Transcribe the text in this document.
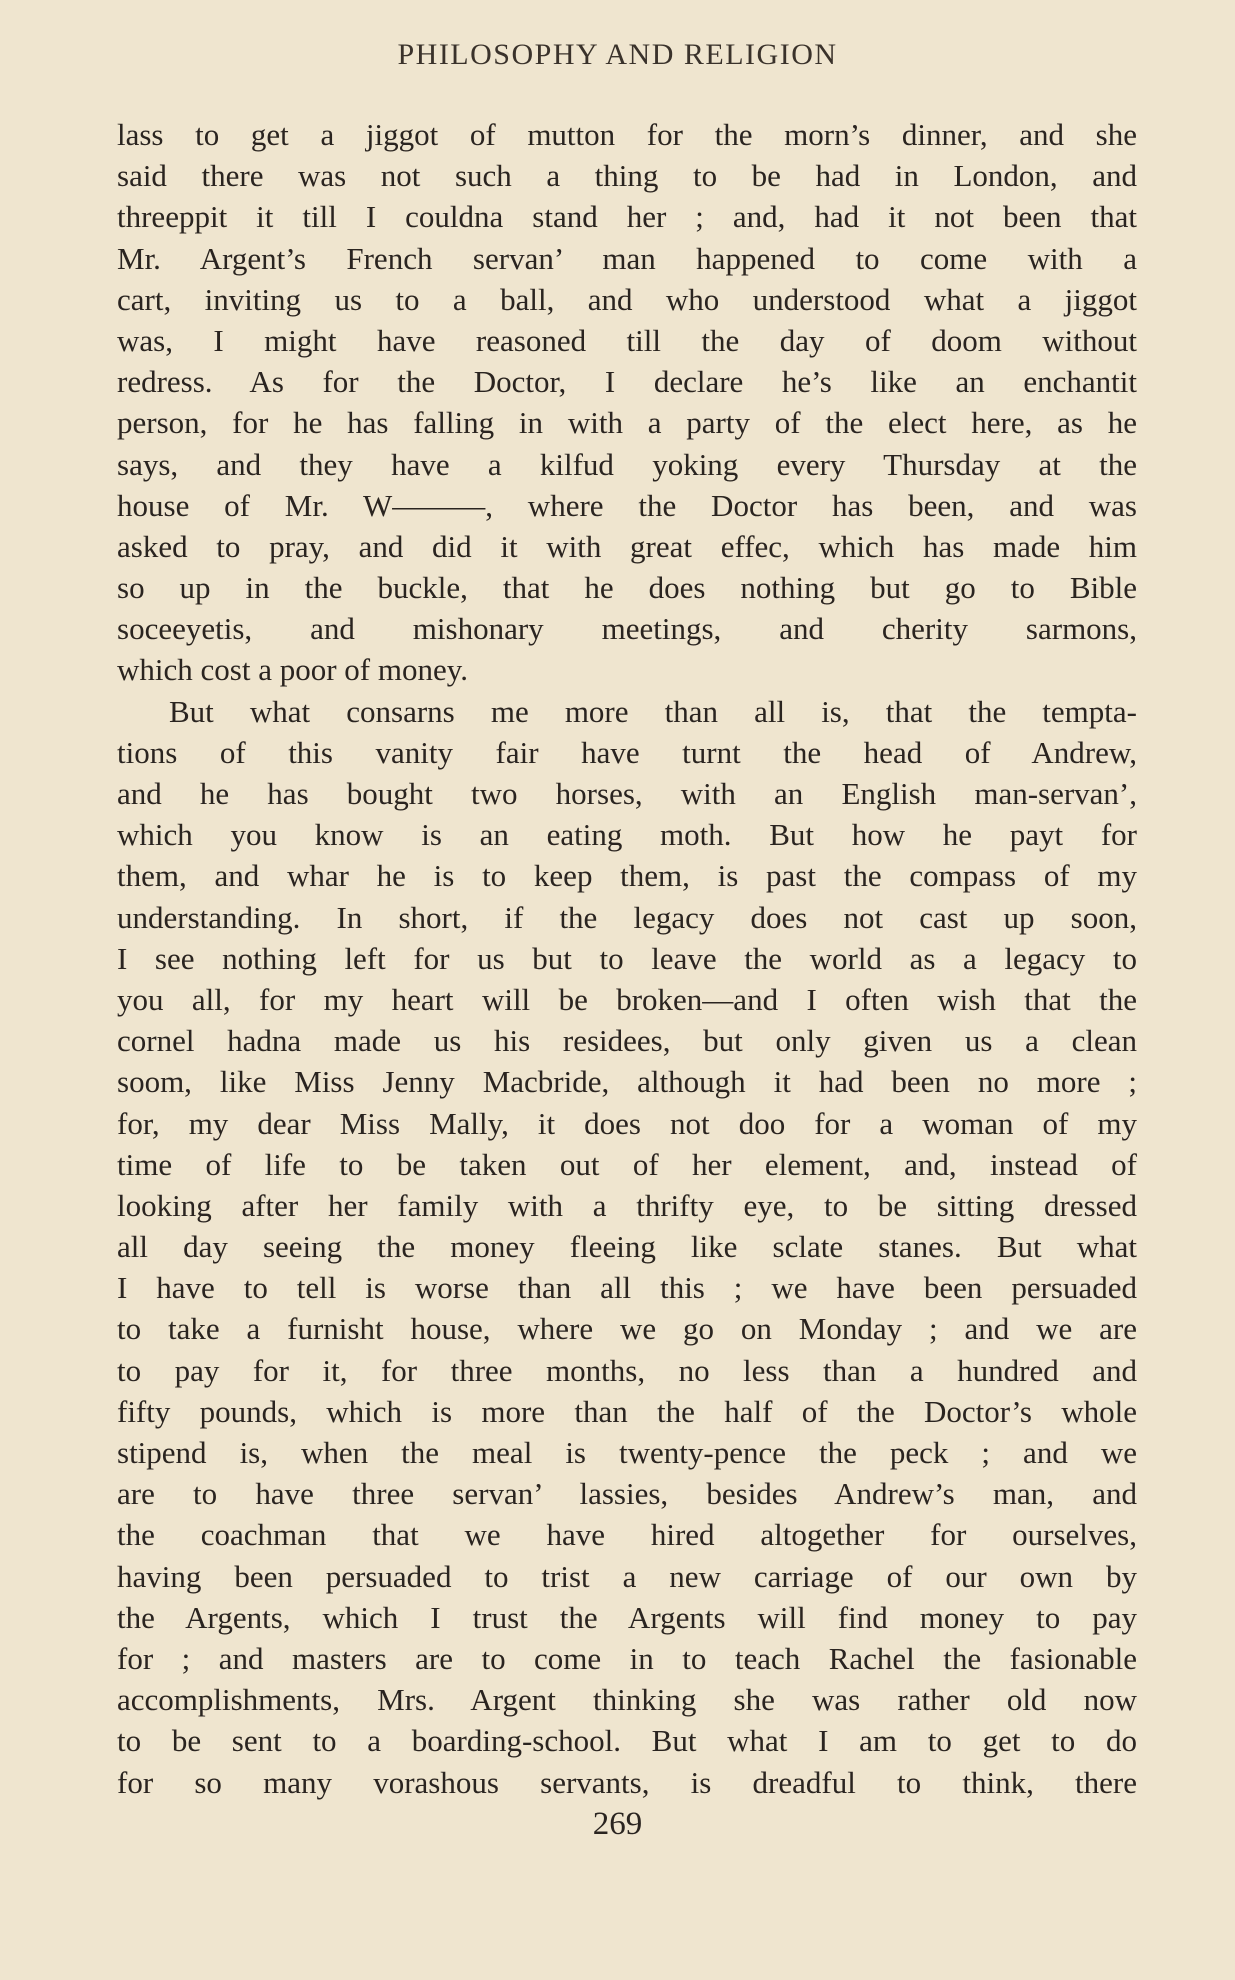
PHILOSOPHY AND RELIGION
lass to get a jiggot of mutton for the morn’s dinner, and she
said there was not such a thing to be had in London, and
threeppit it till I couldna stand her ; and, had it not been that
Mr. Argent’s French servan’ man happened to come with a
cart, inviting us to a ball, and who understood what a jiggot
was, I might have reasoned till the day of doom without
redress. As for the Doctor, I declare he’s like an enchantit
person, for he has falling in with a party of the elect here, as he
says, and they have a kilfud yoking every Thursday at the
house of Mr. W———, where the Doctor has been, and was
asked to pray, and did it with great effec, which has made him
so up in the buckle, that he does nothing but go to Bible
soceeyetis, and mishonary meetings, and cherity sarmons,
which cost a poor of money.
But what consarns me more than all is, that the tempta-
tions of this vanity fair have turnt the head of Andrew,
and he has bought two horses, with an English man-servan’,
which you know is an eating moth. But how he payt for
them, and whar he is to keep them, is past the compass of my
understanding. In short, if the legacy does not cast up soon,
I see nothing left for us but to leave the world as a legacy to
you all, for my heart will be broken—and I often wish that the
cornel hadna made us his residees, but only given us a clean
soom, like Miss Jenny Macbride, although it had been no more ;
for, my dear Miss Mally, it does not doo for a woman of my
time of life to be taken out of her element, and, instead of
looking after her family with a thrifty eye, to be sitting dressed
all day seeing the money fleeing like sclate stanes. But what
I have to tell is worse than all this ; we have been persuaded
to take a furnisht house, where we go on Monday ; and we are
to pay for it, for three months, no less than a hundred and
fifty pounds, which is more than the half of the Doctor’s whole
stipend is, when the meal is twenty-pence the peck ; and we
are to have three servan’ lassies, besides Andrew’s man, and
the coachman that we have hired altogether for ourselves,
having been persuaded to trist a new carriage of our own by
the Argents, which I trust the Argents will find money to pay
for ; and masters are to come in to teach Rachel the fasionable
accomplishments, Mrs. Argent thinking she was rather old now
to be sent to a boarding-school. But what I am to get to do
for so many vorashous servants, is dreadful to think, there
269
